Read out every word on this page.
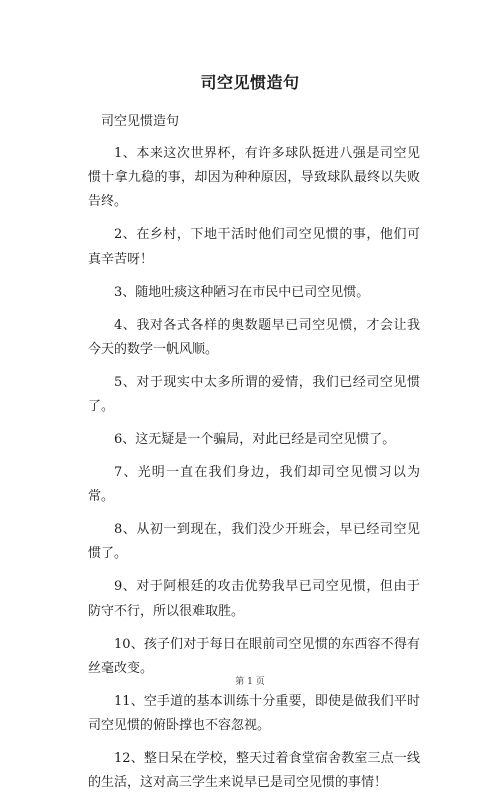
司空见惯造句

司空见惯造句

1、本来这次世界杯，有许多球队挺进八强是司空见惯十拿九稳的事，却因为种种原因，导致球队最终以失败告终。

2、在乡村，下地干活时他们司空见惯的事，他们可真辛苦呀！

3、随地吐痰这种陋习在市民中已司空见惯。

4、我对各式各样的奥数题早已司空见惯，才会让我今天的数学一帆风顺。

5、对于现实中太多所谓的爱情，我们已经司空见惯了。

6、这无疑是一个骗局，对此已经是司空见惯了。

7、光明一直在我们身边，我们却司空见惯习以为常。

8、从初一到现在，我们没少开班会，早已经司空见惯了。

9、对于阿根廷的攻击优势我早已司空见惯，但由于防守不行，所以很难取胜。

10、孩子们对于每日在眼前司空见惯的东西容不得有丝毫改变。

11、空手道的基本训练十分重要，即使是做我们平时司空见惯的俯卧撑也不容忽视。

12、整日呆在学校，整天过着食堂宿舍教室三点一线的生活，这对高三学生来说早已是司空见惯的事情！

第 1 页
